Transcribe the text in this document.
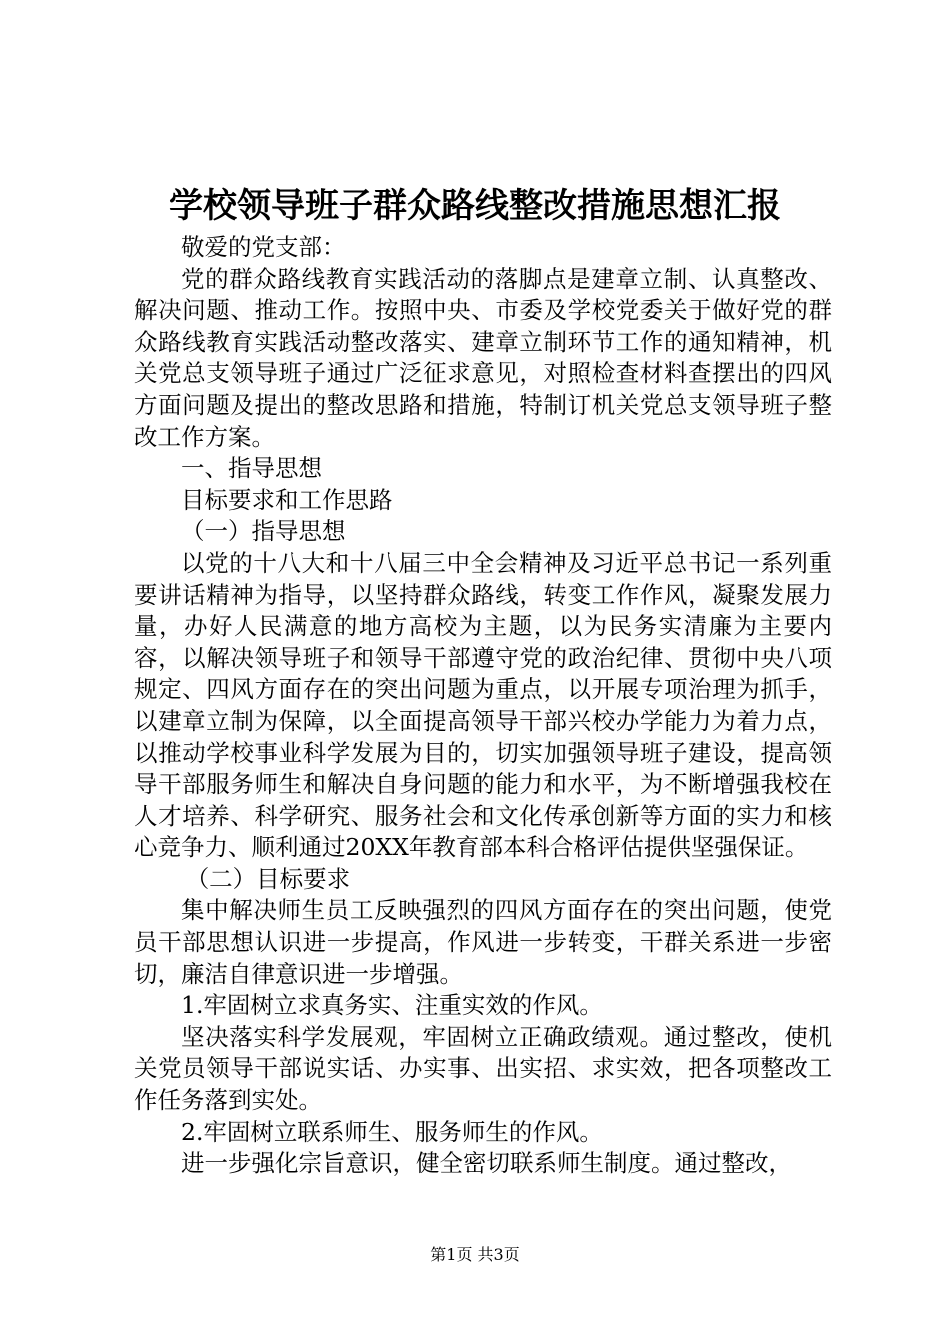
学校领导班子群众路线整改措施思想汇报

敬爱的党支部：

党的群众路线教育实践活动的落脚点是建章立制、认真整改、解决问题、推动工作。按照中央、市委及学校党委关于做好党的群众路线教育实践活动整改落实、建章立制环节工作的通知精神，机关党总支领导班子通过广泛征求意见，对照检查材料查摆出的四风方面问题及提出的整改思路和措施，特制订机关党总支领导班子整改工作方案。

一、指导思想

目标要求和工作思路

（一）指导思想

以党的十八大和十八届三中全会精神及习近平总书记一系列重要讲话精神为指导，以坚持群众路线，转变工作作风，凝聚发展力量，办好人民满意的地方高校为主题，以为民务实清廉为主要内容，以解决领导班子和领导干部遵守党的政治纪律、贯彻中央八项规定、四风方面存在的突出问题为重点，以开展专项治理为抓手，以建章立制为保障，以全面提高领导干部兴校办学能力为着力点，以推动学校事业科学发展为目的，切实加强领导班子建设，提高领导干部服务师生和解决自身问题的能力和水平，为不断增强我校在人才培养、科学研究、服务社会和文化传承创新等方面的实力和核心竞争力、顺利通过20XX年教育部本科合格评估提供坚强保证。

（二）目标要求

集中解决师生员工反映强烈的四风方面存在的突出问题，使党员干部思想认识进一步提高，作风进一步转变，干群关系进一步密切，廉洁自律意识进一步增强。

1.牢固树立求真务实、注重实效的作风。

坚决落实科学发展观，牢固树立正确政绩观。通过整改，使机关党员领导干部说实话、办实事、出实招、求实效，把各项整改工作任务落到实处。

2.牢固树立联系师生、服务师生的作风。

进一步强化宗旨意识，健全密切联系师生制度。通过整改，

第1页 共3页
